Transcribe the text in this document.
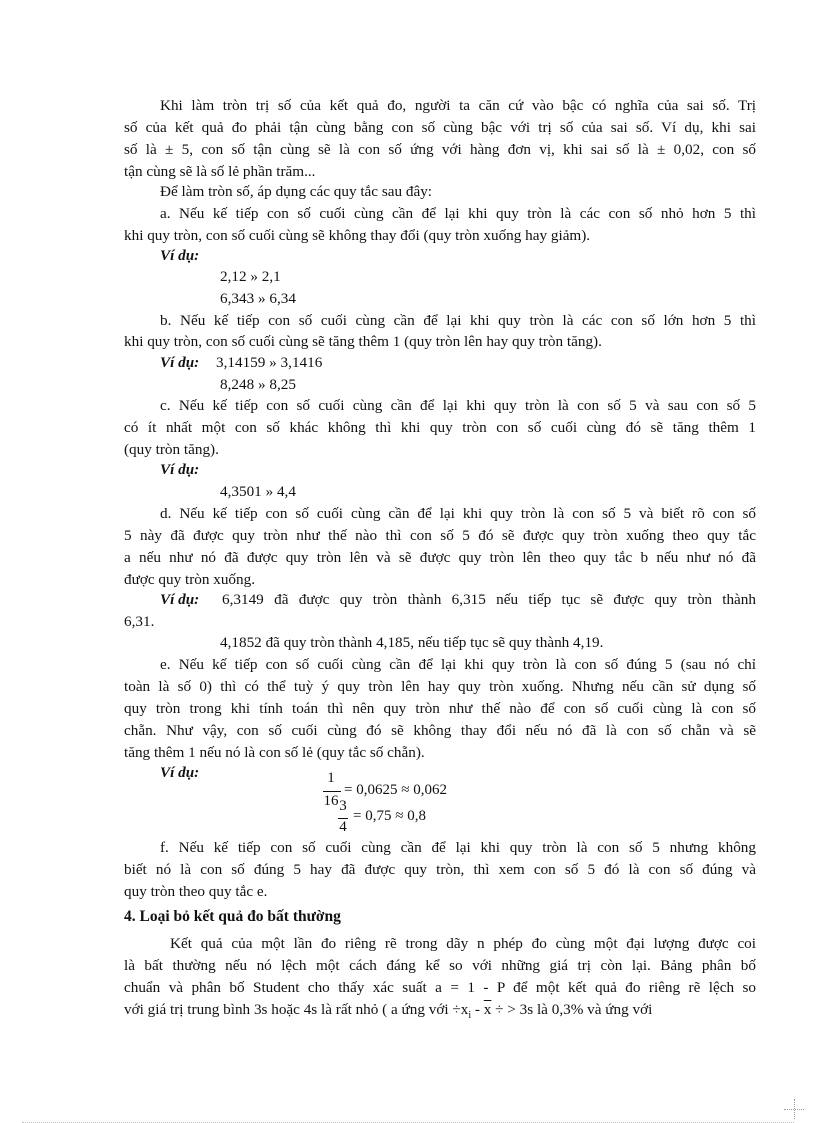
Khi làm tròn trị số của kết quả đo, người ta căn cứ vào bậc có nghĩa của sai số. Trị
số của kết quả đo phải tận cùng bằng con số cùng bậc với trị số của sai số. Ví dụ, khi sai
số là ± 5, con số tận cùng sẽ là con số ứng với hàng đơn vị, khi sai số là ± 0,02, con số
tận cùng sẽ là số lẻ phần trăm...
Để làm tròn số, áp dụng các quy tắc sau đây:
a. Nếu kế tiếp con số cuối cùng cần để lại khi quy tròn là các con số nhỏ hơn 5 thì
khi quy tròn, con số cuối cùng sẽ không thay đổi (quy tròn xuống hay giảm).
Ví dụ:
2,12 » 2,1
6,343 » 6,34
b. Nếu kế tiếp con số cuối cùng cần để lại khi quy tròn là các con số lớn hơn 5 thì
khi quy tròn, con số cuối cùng sẽ tăng thêm 1 (quy tròn lên hay quy tròn tăng).
Ví dụ: 3,14159 » 3,1416
8,248 » 8,25
c. Nếu kế tiếp con số cuối cùng cần để lại khi quy tròn là con số 5 và sau con số 5
có ít nhất một con số khác không thì khi quy tròn con số cuối cùng đó sẽ tăng thêm 1
(quy tròn tăng).
Ví dụ:
4,3501 » 4,4
d. Nếu kế tiếp con số cuối cùng cần để lại khi quy tròn là con số 5 và biết rõ con số
5 này đã được quy tròn như thế nào thì con số 5 đó sẽ được quy tròn xuống theo quy tắc
a nếu như nó đã được quy tròn lên và sẽ được quy tròn lên theo quy tắc b nếu như nó đã
được quy tròn xuống.
Ví dụ: 6,3149 đã được quy tròn thành 6,315 nếu tiếp tục sẽ được quy tròn thành
6,31.
4,1852 đã quy tròn thành 4,185, nếu tiếp tục sẽ quy thành 4,19.
e. Nếu kế tiếp con số cuối cùng cần để lại khi quy tròn là con số đúng 5 (sau nó chỉ
toàn là số 0) thì có thể tuỳ ý quy tròn lên hay quy tròn xuống. Nhưng nếu cần sử dụng số
quy tròn trong khi tính toán thì nên quy tròn như thế nào để con số cuối cùng là con số
chẵn. Như vậy, con số cuối cùng đó sẽ không thay đổi nếu nó đã là con số chẵn và sẽ
tăng thêm 1 nếu nó là con số lẻ (quy tắc số chẵn).
Ví dụ:	1
16
= 0,0625 ≈ 0,062
3
4
= 0,75 ≈ 0,8
f. Nếu kế tiếp con số cuối cùng cần để lại khi quy tròn là con số 5 nhưng không
biết nó là con số đúng 5 hay đã được quy tròn, thì xem con số 5 đó là con số đúng và
quy tròn theo quy tắc e.
4. Loại bỏ kết quả đo bất thường
Kết quả của một lần đo riêng rẽ trong dãy n phép đo cùng một đại lượng được coi
là bất thường nếu nó lệch một cách đáng kể so với những giá trị còn lại. Bảng phân bố
chuẩn và phân bố Student cho thấy xác suất a = 1 - P để một kết quả đo riêng rẽ lệch so
với giá trị trung bình 3s hoặc 4s là rất nhỏ ( a ứng với $\div x_i - \overline{x}$ ÷ > 3s là 0,3% và ứng với
